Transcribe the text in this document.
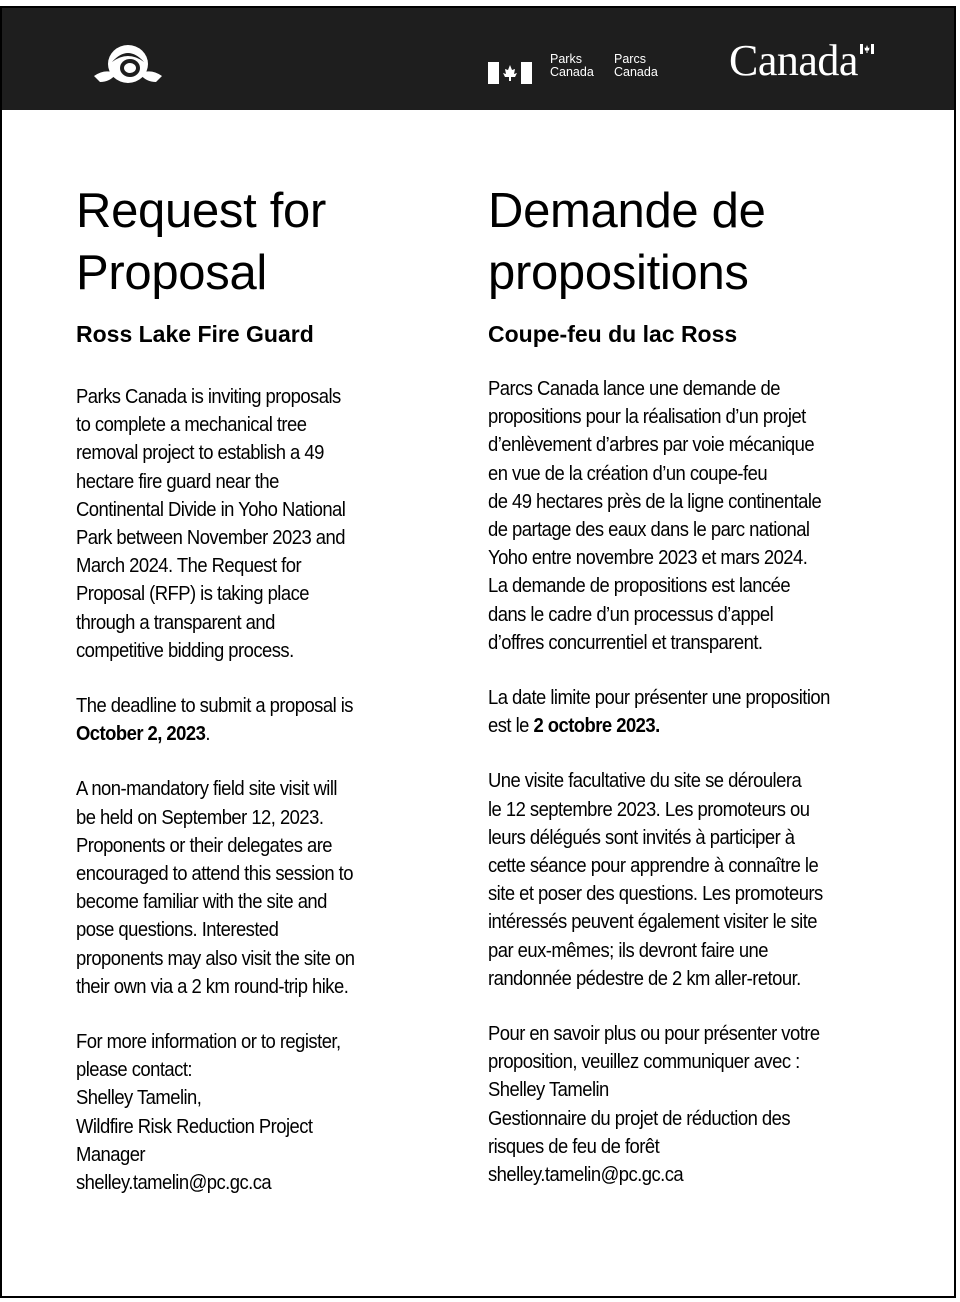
Parks
Canada
Parcs
Canada Canada
Request for
Proposal
Ross Lake Fire Guard

Parks Canada is inviting proposals
to complete a mechanical tree
removal project to establish a 49
hectare fire guard near the
Continental Divide in Yoho National
Park between November 2023 and
March 2024. The Request for
Proposal (RFP) is taking place
through a transparent and
competitive bidding process.

The deadline to submit a proposal is
October 2, 2023.

A non-mandatory field site visit will
be held on September 12, 2023.
Proponents or their delegates are
encouraged to attend this session to
become familiar with the site and
pose questions. Interested
proponents may also visit the site on
their own via a 2 km round-trip hike.

For more information or to register,
please contact:
Shelley Tamelin,
Wildfire Risk Reduction Project
Manager
shelley.tamelin@pc.gc.ca

Demande de
propositions
Coupe-feu du lac Ross

Parcs Canada lance une demande de
propositions pour la réalisation d’un projet
d’enlèvement d’arbres par voie mécanique
en vue de la création d’un coupe-feu
de 49 hectares près de la ligne continentale
de partage des eaux dans le parc national
Yoho entre novembre 2023 et mars 2024.
La demande de propositions est lancée
dans le cadre d’un processus d’appel
d’offres concurrentiel et transparent.

La date limite pour présenter une proposition
est le 2 octobre 2023.

Une visite facultative du site se déroulera
le 12 septembre 2023. Les promoteurs ou
leurs délégués sont invités à participer à
cette séance pour apprendre à connaître le
site et poser des questions. Les promoteurs
intéressés peuvent également visiter le site
par eux-mêmes; ils devront faire une
randonnée pédestre de 2 km aller-retour.

Pour en savoir plus ou pour présenter votre
proposition, veuillez communiquer avec :
Shelley Tamelin
Gestionnaire du projet de réduction des
risques de feu de forêt
shelley.tamelin@pc.gc.ca
